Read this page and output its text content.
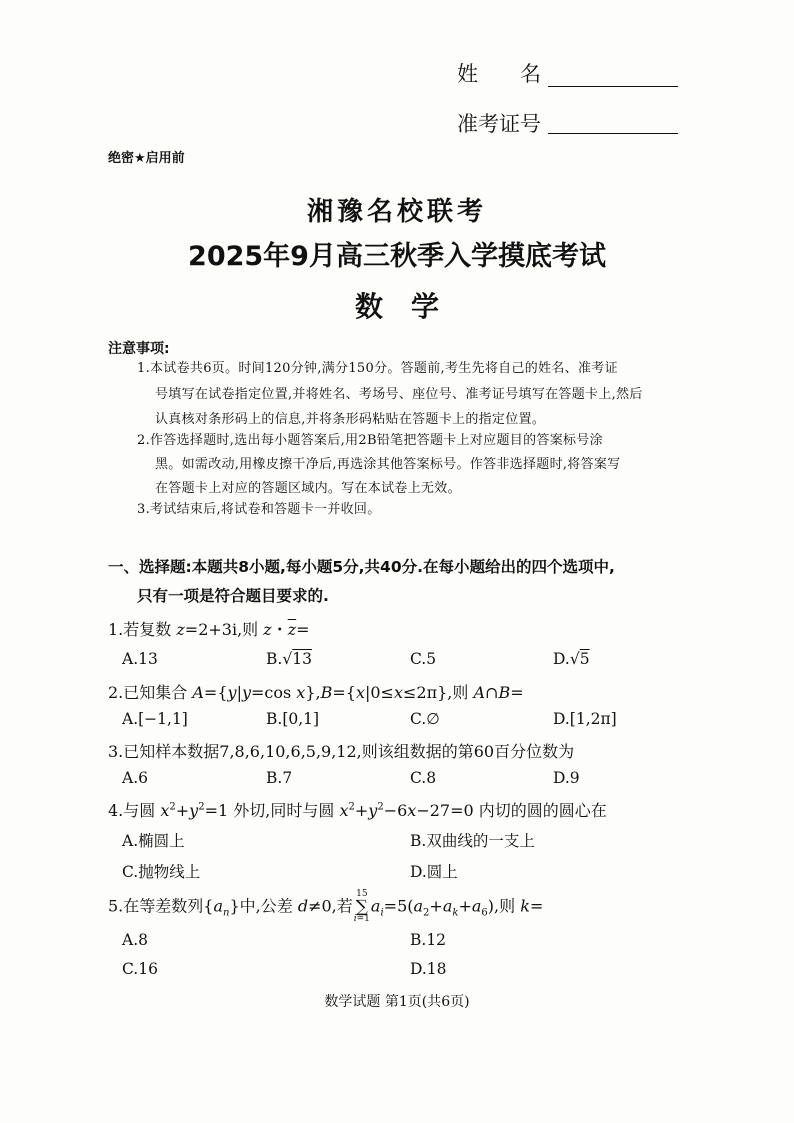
姓　　名
准考证号
绝密★启用前
湘豫名校联考
2025年9月高三秋季入学摸底考试
数　学
注意事项:
1.本试卷共6页。时间120分钟,满分150分。答题前,考生先将自己的姓名、准考证
号填写在试卷指定位置,并将姓名、考场号、座位号、准考证号填写在答题卡上,然后
认真核对条形码上的信息,并将条形码粘贴在答题卡上的指定位置。
2.作答选择题时,选出每小题答案后,用2B铅笔把答题卡上对应题目的答案标号涂
黑。如需改动,用橡皮擦干净后,再选涂其他答案标号。作答非选择题时,将答案写
在答题卡上对应的答题区域内。写在本试卷上无效。
3.考试结束后,将试卷和答题卡一并收回。
一、选择题:本题共8小题,每小题5分,共40分.在每小题给出的四个选项中,
只有一项是符合题目要求的.
1.若复数 z=2+3i,则 z・$\overline{z}=$
A.13	B.√13	C.5	D.√5
2.已知集合 A={y|y=cos x},B={x|0≤x≤2π},则 A∩B=
A.[−1,1]	B.[0,1]	C.∅	D.[1,2π]
3.已知样本数据7,8,6,10,6,5,9,12,则该组数据的第60百分位数为
A.6	B.7	C.8	D.9
4.与圆 $x^2+y^2=1$ 外切,同时与圆 $x^2+y^2-6x-27=0$ 内切的圆的圆心在
A.椭圆上	B.双曲线的一支上
C.抛物线上	D.圆上
5.在等差数列$\{a_n\}$中,公差 d≠0,若15
∑
$i=1a_i=5(a_2+a_k+a_6)$,则 k=
A.8	B.12
C.16	D.18
数学试题 第1页(共6页)
